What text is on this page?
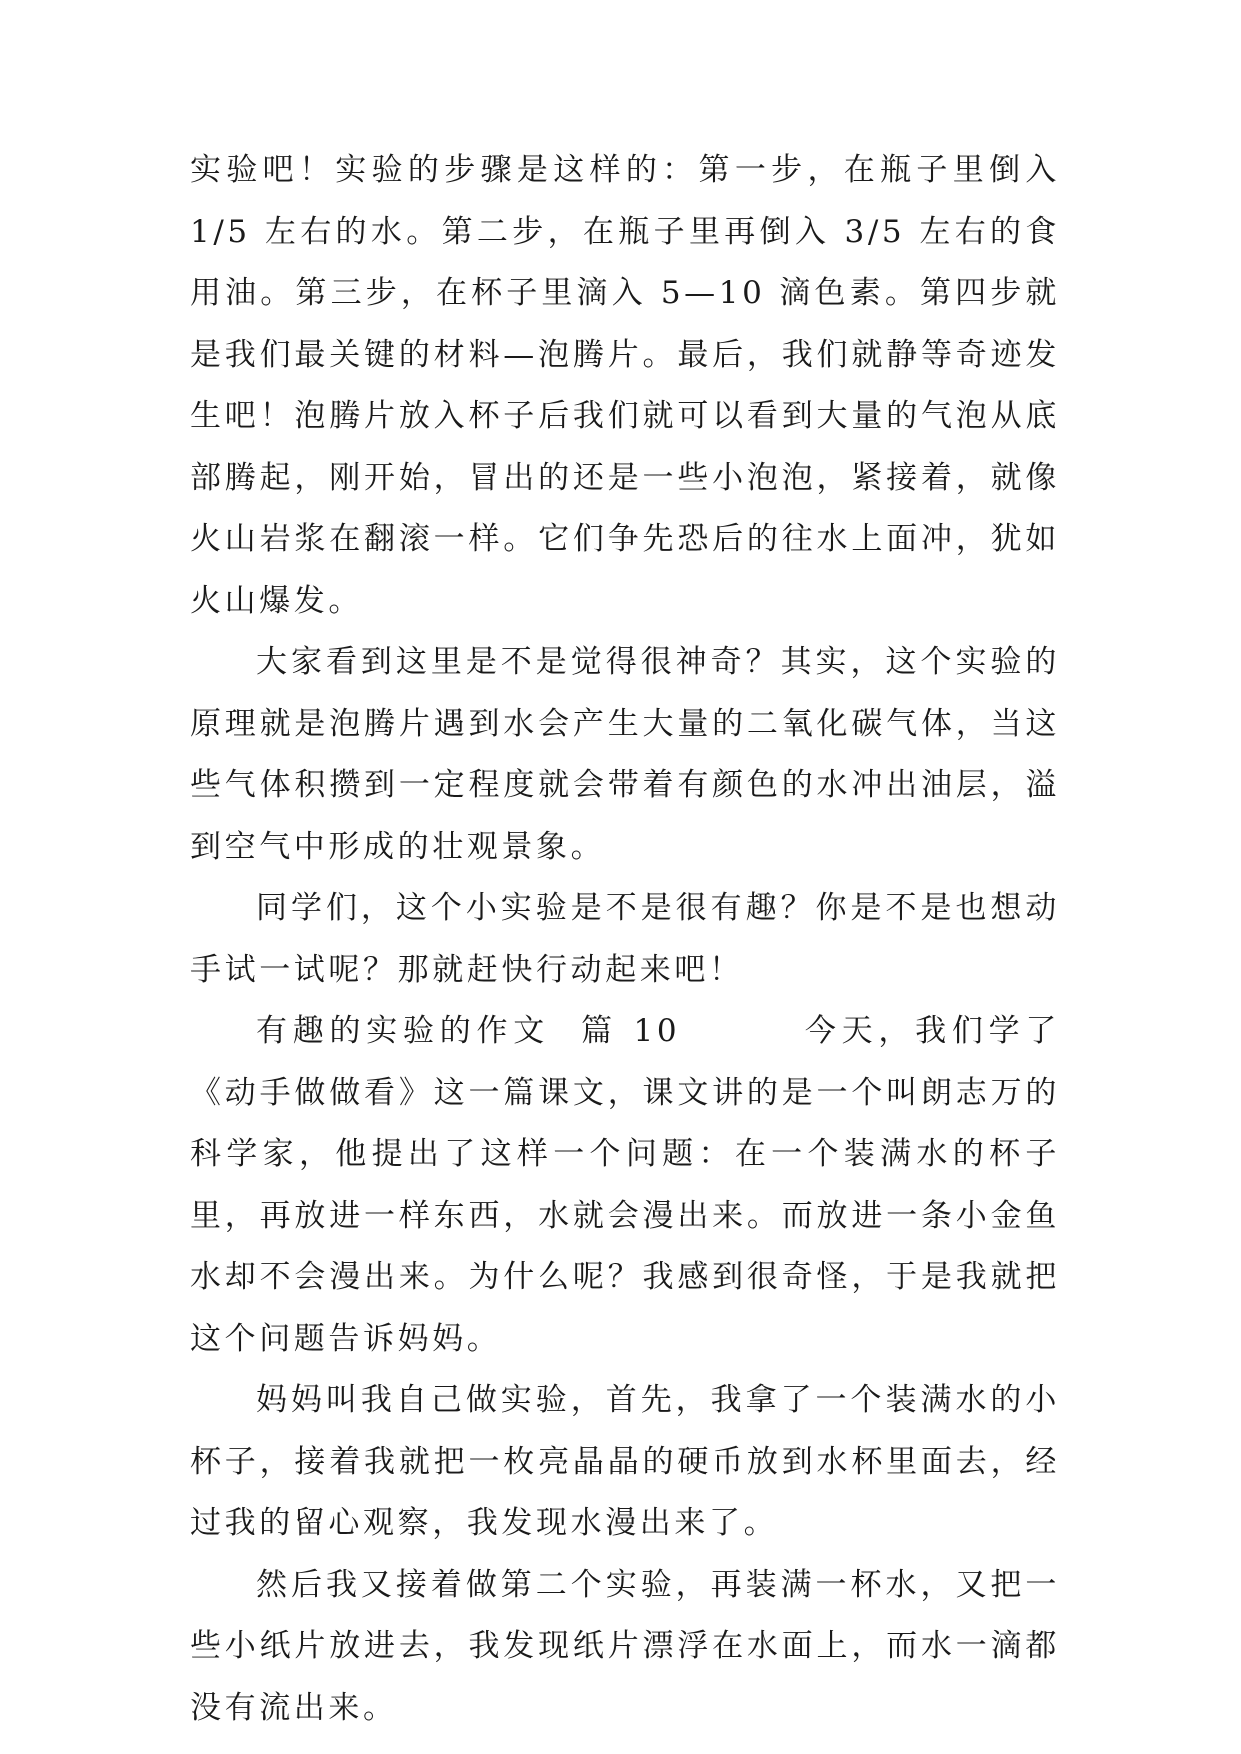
实验吧！实验的步骤是这样的：第一步，在瓶子里倒入 1/5 左右的水。第二步，在瓶子里再倒入 3/5 左右的食用油。第三步，在杯子里滴入 5—10 滴色素。第四步就是我们最关键的材料—泡腾片。最后，我们就静等奇迹发生吧！泡腾片放入杯子后我们就可以看到大量的气泡从底部腾起，刚开始，冒出的还是一些小泡泡，紧接着，就像火山岩浆在翻滚一样。它们争先恐后的往水上面冲，犹如火山爆发。

大家看到这里是不是觉得很神奇？其实，这个实验的原理就是泡腾片遇到水会产生大量的二氧化碳气体，当这些气体积攒到一定程度就会带着有颜色的水冲出油层，溢到空气中形成的壮观景象。

同学们，这个小实验是不是很有趣？你是不是也想动手试一试呢？那就赶快行动起来吧！

有趣的实验的作文  篇 10        今天，我们学了《动手做做看》这一篇课文，课文讲的是一个叫朗志万的科学家，他提出了这样一个问题：在一个装满水的杯子里，再放进一样东西，水就会漫出来。而放进一条小金鱼水却不会漫出来。为什么呢？我感到很奇怪，于是我就把这个问题告诉妈妈。

妈妈叫我自己做实验，首先，我拿了一个装满水的小杯子，接着我就把一枚亮晶晶的硬币放到水杯里面去，经过我的留心观察，我发现水漫出来了。

然后我又接着做第二个实验，再装满一杯水，又把一些小纸片放进去，我发现纸片漂浮在水面上，而水一滴都没有流出来。
